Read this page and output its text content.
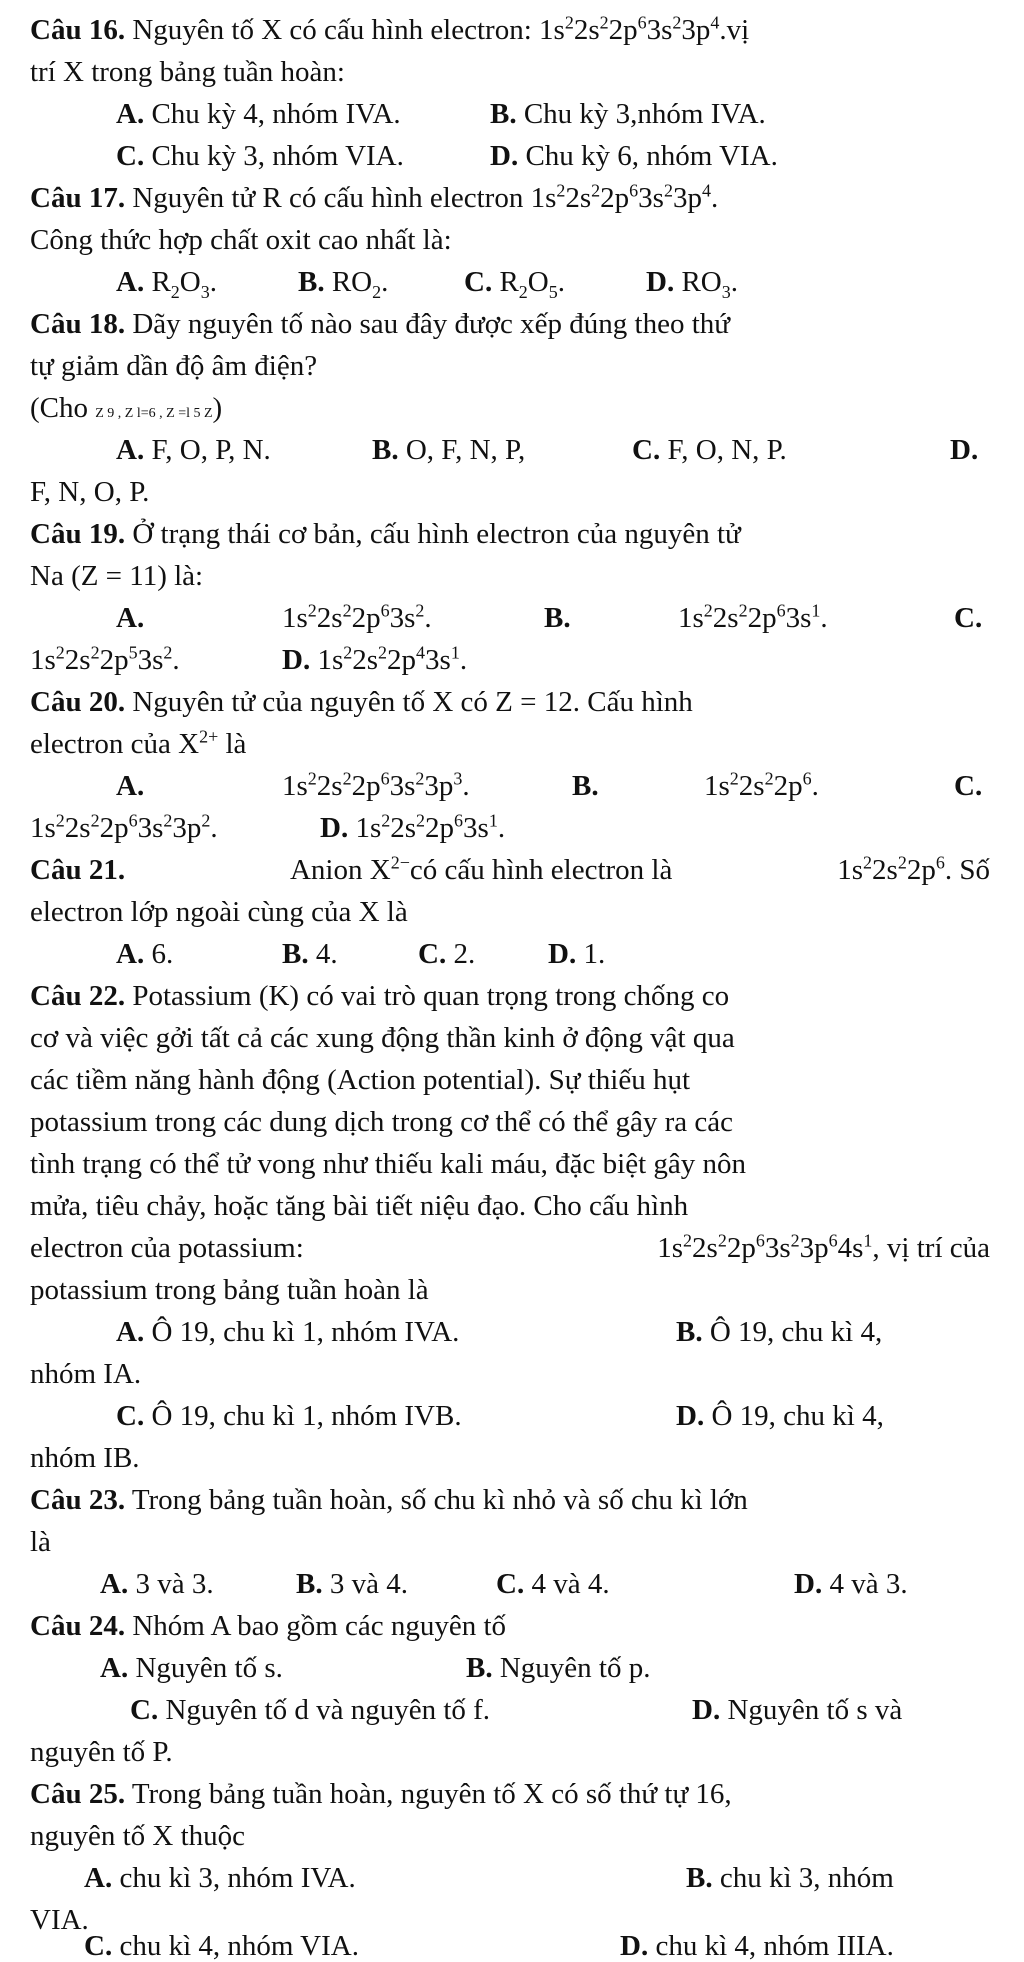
Câu 16. Nguyên tố X có cấu hình electron: $1s^22s^22p^63s^23p^4.vị$
trí X trong bảng tuần hoàn:
A. Chu kỳ 4, nhóm IVA.	B. Chu kỳ 3,nhóm IVA.
C. Chu kỳ 3, nhóm VIA.	D. Chu kỳ 6, nhóm VIA.
Câu 17. Nguyên tử R có cấu hình electron $1s^22s^22p^63s^23p^4$.
Công thức hợp chất oxit cao nhất là:
A. $R_2O_3$.	B. $RO_2$.	C. $R_2O_5$.	D. $RO_3$.
Câu 18. Dãy nguyên tố nào sau đây được xếp đúng theo thứ
tự giảm dần độ âm điện?
(Cho Z 9 , Z l=6 , Z =l 5 Z)
A. F, O, P, N.	B. O, F, N, P,	C. F, O, N, P.	D.
F, N, O, P.
Câu 19. Ở trạng thái cơ bản, cấu hình electron của nguyên tử
Na (Z = 11) là:
A.	$1s^22s^22p^63s^2$.	B.	$1s^22s^22p^63s^1$.	C.
$1s^22s^22p^53s^2$.	D. $1s^22s^22p^43s^1$.
Câu 20. Nguyên tử của nguyên tố X có Z = 12. Cấu hình
electron của $X^{2+}$ là
A.	$1s^22s^22p^63s^23p^3$.	B.	$1s^22s^22p^6$.	C.
$1s^22s^22p^63s^23p^2$.	D. $1s^22s^22p^63s^1$.
Câu 21.	Anion $X^{2-}có$ cấu hình electron là	$1s^22s^22p^6$. Số
electron lớp ngoài cùng của X là
A. 6.	B. 4.	C. 2.	D. 1.
Câu 22. Potassium (K) có vai trò quan trọng trong chống co
cơ và việc gởi tất cả các xung động thần kinh ở động vật qua
các tiềm năng hành động (Action potential). Sự thiếu hụt
potassium trong các dung dịch trong cơ thể có thể gây ra các
tình trạng có thể tử vong như thiếu kali máu, đặc biệt gây nôn
mửa, tiêu chảy, hoặc tăng bài tiết niệu đạo. Cho cấu hình
electron của potassium:	$1s^22s^22p^63s^23p^64s^1$, vị trí của
potassium trong bảng tuần hoàn là
A. Ô 19, chu kì 1, nhóm IVA.	B. Ô 19, chu kì 4,
nhóm IA.
C. Ô 19, chu kì 1, nhóm IVB.	D. Ô 19, chu kì 4,
nhóm IB.
Câu 23. Trong bảng tuần hoàn, số chu kì nhỏ và số chu kì lớn
là
A. 3 và 3.	B. 3 và 4.	C. 4 và 4.	D. 4 và 3.
Câu 24. Nhóm A bao gồm các nguyên tố
A. Nguyên tố s.	B. Nguyên tố p.
C. Nguyên tố d và nguyên tố f.	D. Nguyên tố s và
nguyên tố P.
Câu 25. Trong bảng tuần hoàn, nguyên tố X có số thứ tự 16,
nguyên tố X thuộc
A. chu kì 3, nhóm IVA.	B. chu kì 3, nhóm
VIA.
C. chu kì 4, nhóm VIA.	D. chu kì 4, nhóm IIIA.
